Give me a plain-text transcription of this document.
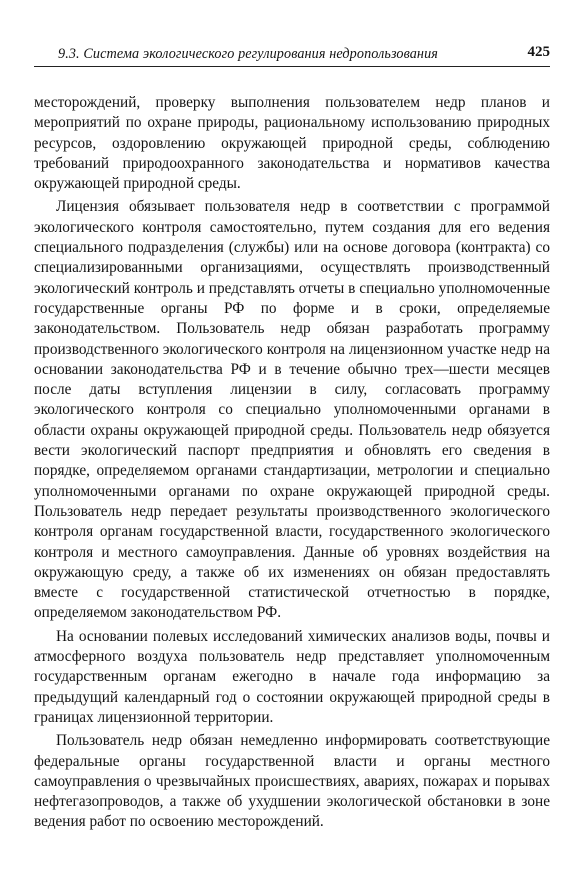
9.3. Система экологического регулирования недропользования	425

месторождений, проверку выполнения пользователем недр планов и мероприятий по охране природы, рациональному использованию природных ресурсов, оздоровлению окружающей природной среды, соблюдению требований природоохранного законодательства и нормативов качества окружающей природной среды.

Лицензия обязывает пользователя недр в соответствии с программой экологического контроля самостоятельно, путем создания для его ведения специального подразделения (службы) или на основе договора (контракта) со специализированными организациями, осуществлять производственный экологический контроль и представлять отчеты в специально уполномоченные государственные органы РФ по форме и в сроки, определяемые законодательством. Пользователь недр обязан разработать программу производственного экологического контроля на лицензионном участке недр на основании законодательства РФ и в течение обычно трех—шести месяцев после даты вступления лицензии в силу, согласовать программу экологического контроля со специально уполномоченными органами в области охраны окружающей природной среды. Пользователь недр обязуется вести экологический паспорт предприятия и обновлять его сведения в порядке, определяемом органами стандартизации, метрологии и специально уполномоченными органами по охране окружающей природной среды. Пользователь недр передает результаты производственного экологического контроля органам государственной власти, государственного экологического контроля и местного самоуправления. Данные об уровнях воздействия на окружающую среду, а также об их изменениях он обязан предоставлять вместе с государственной статистической отчетностью в порядке, определяемом законодательством РФ.

На основании полевых исследований химических анализов воды, почвы и атмосферного воздуха пользователь недр представляет уполномоченным государственным органам ежегодно в начале года информацию за предыдущий календарный год о состоянии окружающей природной среды в границах лицензионной территории.

Пользователь недр обязан немедленно информировать соответствующие федеральные органы государственной власти и органы местного самоуправления о чрезвычайных происшествиях, авариях, пожарах и порывах нефтегазопроводов, а также об ухудшении экологической обстановки в зоне ведения работ по освоению месторождений.
